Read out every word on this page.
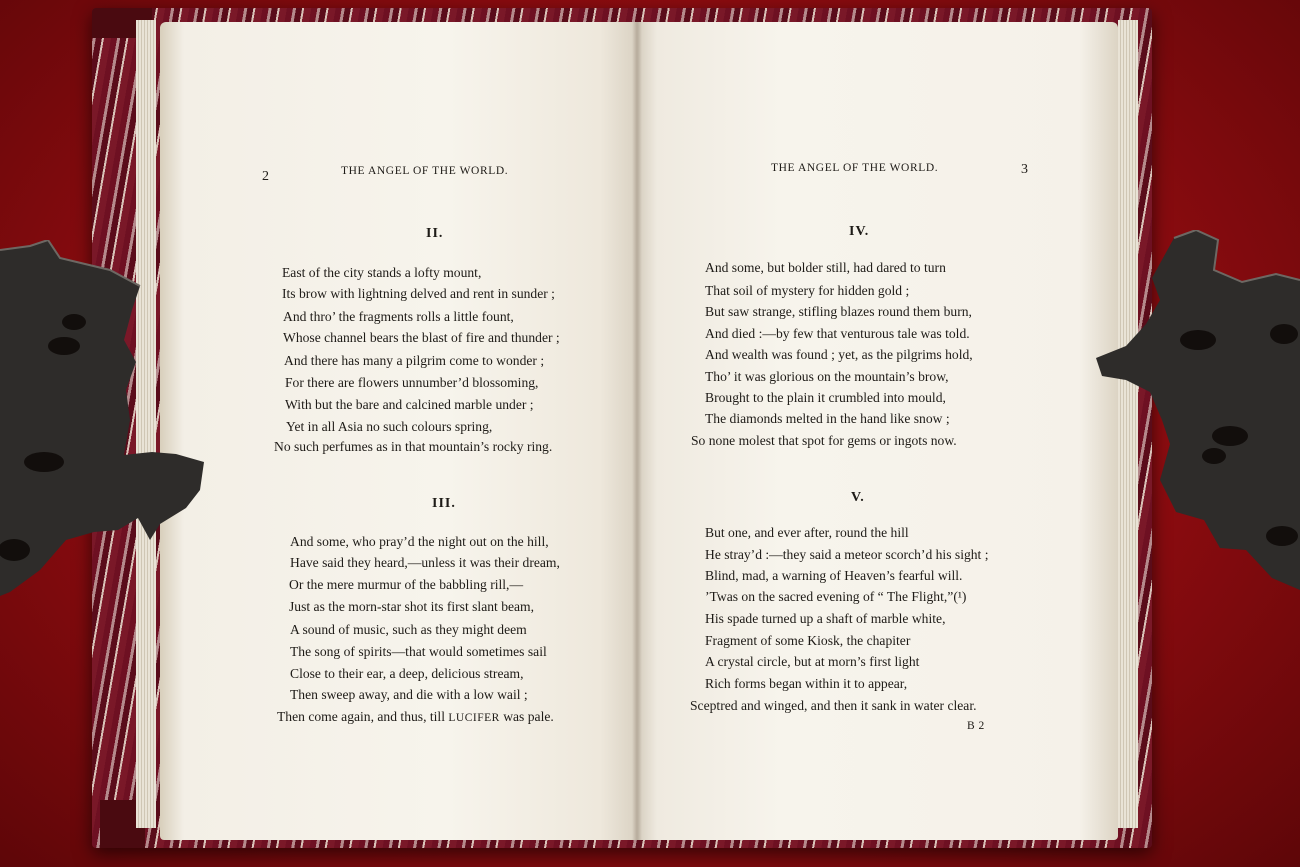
2	THE ANGEL OF THE WORLD.
II.
East of the city stands a lofty mount,
Its brow with lightning delved and rent in sunder ;
And thro’ the fragments rolls a little fount,
Whose channel bears the blast of fire and thunder ;
And there has many a pilgrim come to wonder ;
For there are flowers unnumber’d blossoming,
With but the bare and calcined marble under ;
Yet in all Asia no such colours spring,
No such perfumes as in that mountain’s rocky ring.
III.
And some, who pray’d the night out on the hill,
Have said they heard,—unless it was their dream,
Or the mere murmur of the babbling rill,—
Just as the morn-star shot its first slant beam,
A sound of music, such as they might deem
The song of spirits—that would sometimes sail
Close to their ear, a deep, delicious stream,
Then sweep away, and die with a low wail ;
Then come again, and thus, till LUCIFER was pale.
THE ANGEL OF THE WORLD.	3
IV.
And some, but bolder still, had dared to turn
That soil of mystery for hidden gold ;
But saw strange, stifling blazes round them burn,
And died :—by few that venturous tale was told.
And wealth was found ; yet, as the pilgrims hold,
Tho’ it was glorious on the mountain’s brow,
Brought to the plain it crumbled into mould,
The diamonds melted in the hand like snow ;
So none molest that spot for gems or ingots now.
V.
But one, and ever after, round the hill
He stray’d :—they said a meteor scorch’d his sight ;
Blind, mad, a warning of Heaven’s fearful will.
’Twas on the sacred evening of “ The Flight,”(¹)
His spade turned up a shaft of marble white,
Fragment of some Kiosk, the chapiter
A crystal circle, but at morn’s first light
Rich forms began within it to appear,
Sceptred and winged, and then it sank in water clear.
B 2
